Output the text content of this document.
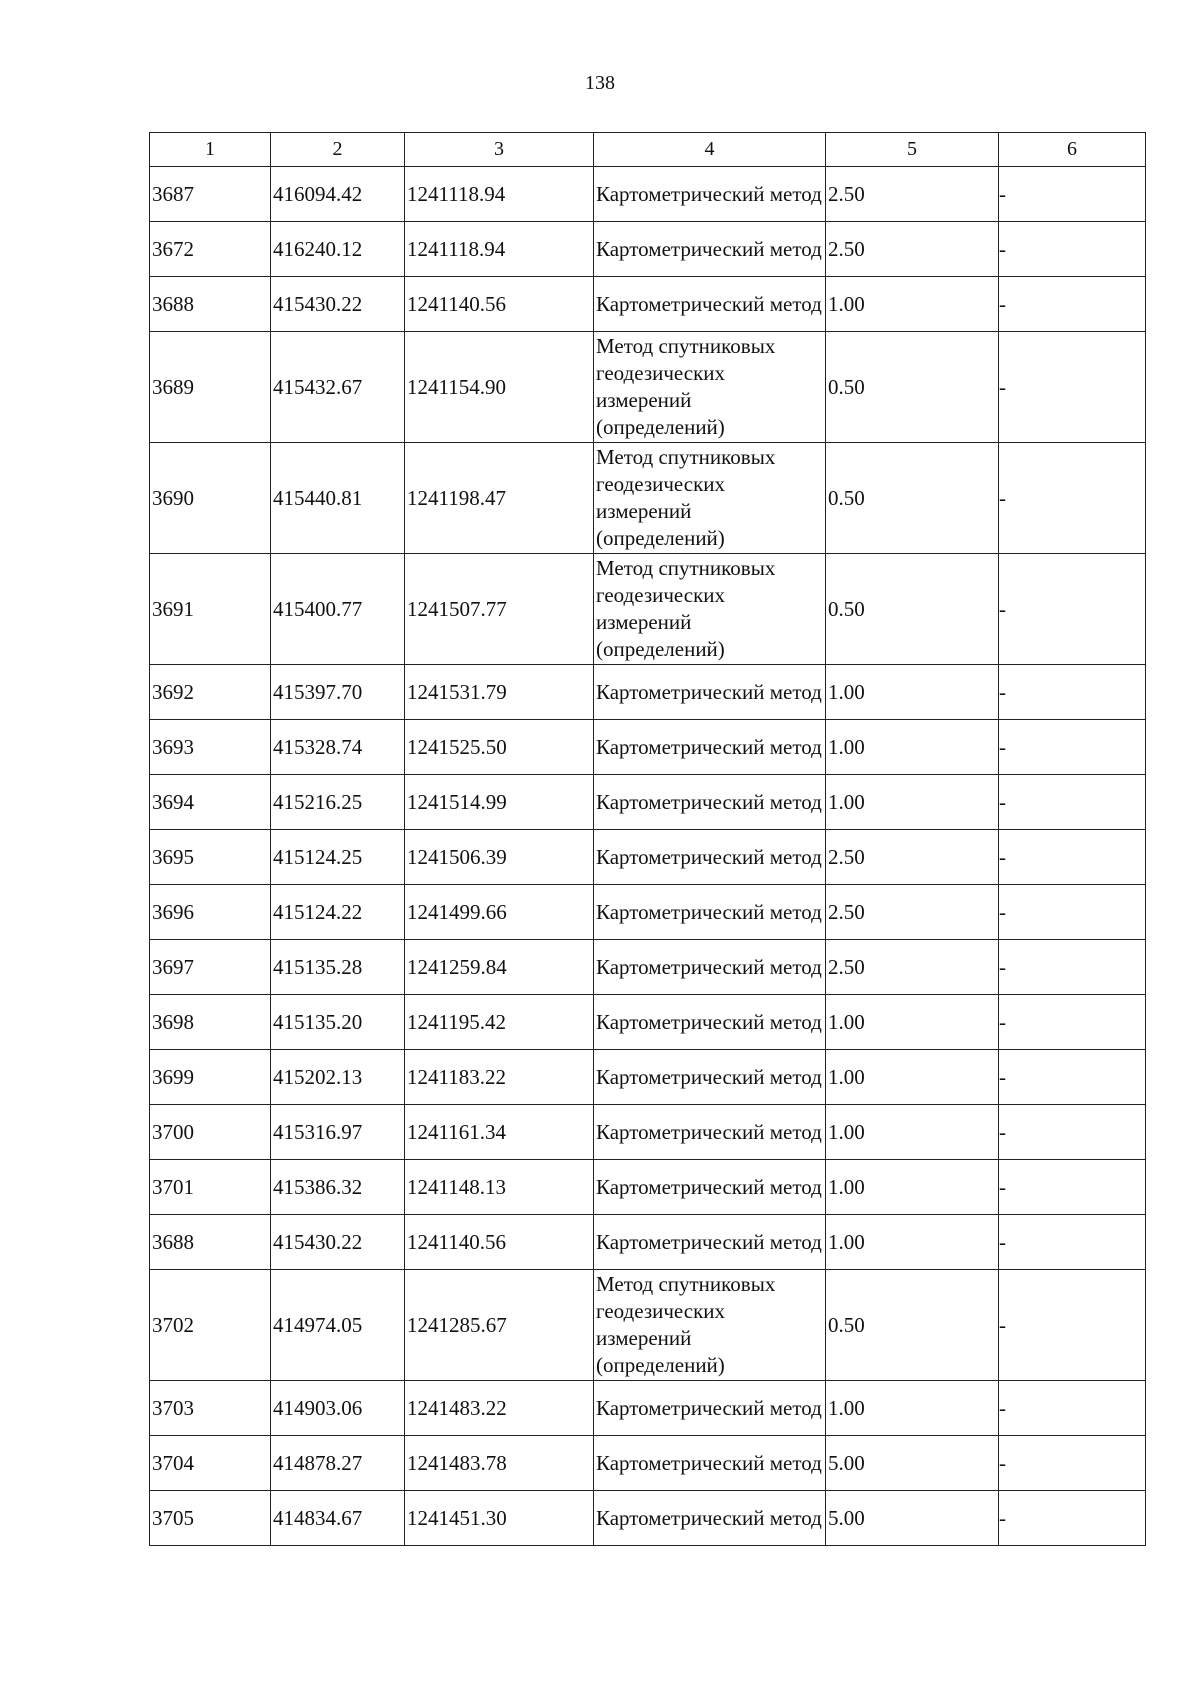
138
1	2	3	4	5	6
3687	416094.42	1241118.94	Картометрический метод	2.50	-
3672	416240.12	1241118.94	Картометрический метод	2.50	-
3688	415430.22	1241140.56	Картометрический метод	1.00	-
3689	415432.67	1241154.90	Метод спутниковых геодезических измерений (определений)	0.50	-
3690	415440.81	1241198.47	Метод спутниковых геодезических измерений (определений)	0.50	-
3691	415400.77	1241507.77	Метод спутниковых геодезических измерений (определений)	0.50	-
3692	415397.70	1241531.79	Картометрический метод	1.00	-
3693	415328.74	1241525.50	Картометрический метод	1.00	-
3694	415216.25	1241514.99	Картометрический метод	1.00	-
3695	415124.25	1241506.39	Картометрический метод	2.50	-
3696	415124.22	1241499.66	Картометрический метод	2.50	-
3697	415135.28	1241259.84	Картометрический метод	2.50	-
3698	415135.20	1241195.42	Картометрический метод	1.00	-
3699	415202.13	1241183.22	Картометрический метод	1.00	-
3700	415316.97	1241161.34	Картометрический метод	1.00	-
3701	415386.32	1241148.13	Картометрический метод	1.00	-
3688	415430.22	1241140.56	Картометрический метод	1.00	-
3702	414974.05	1241285.67	Метод спутниковых геодезических измерений (определений)	0.50	-
3703	414903.06	1241483.22	Картометрический метод	1.00	-
3704	414878.27	1241483.78	Картометрический метод	5.00	-
3705	414834.67	1241451.30	Картометрический метод	5.00	-
